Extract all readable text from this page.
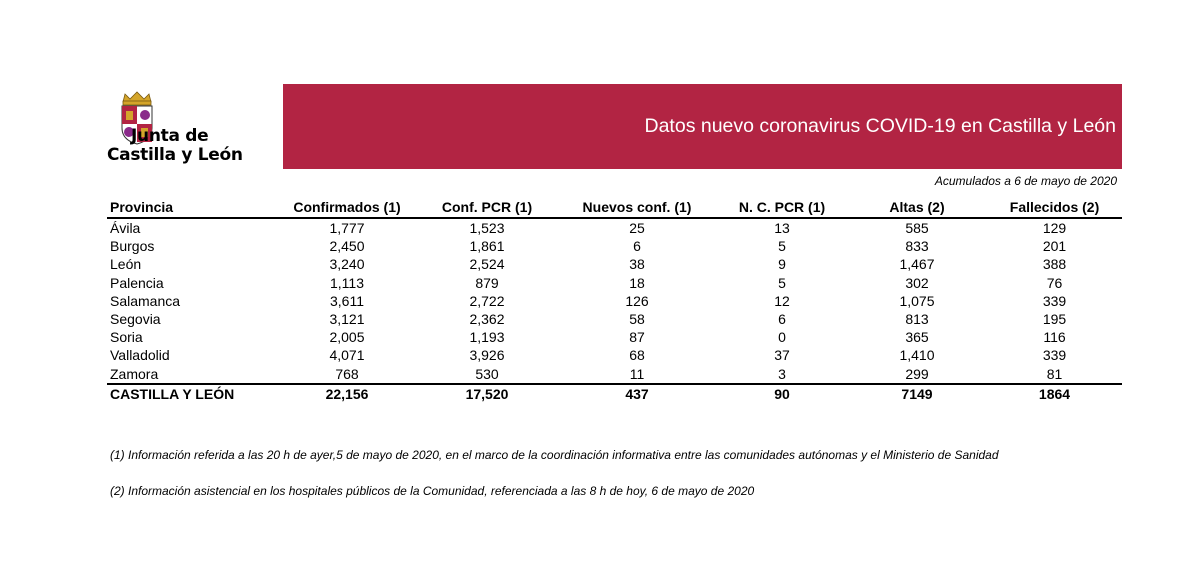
Junta de
Castilla y León
Datos nuevo coronavirus COVID-19 en Castilla y León
Acumulados a 6 de mayo de 2020
Provincia	Confirmados (1)	Conf. PCR (1)	Nuevos conf. (1)	N. C. PCR (1)	Altas (2)	Fallecidos (2)
Ávila	1,777	1,523	25	13	585	129
Burgos	2,450	1,861	6	5	833	201
León	3,240	2,524	38	9	1,467	388
Palencia	1,113	879	18	5	302	76
Salamanca	3,611	2,722	126	12	1,075	339
Segovia	3,121	2,362	58	6	813	195
Soria	2,005	1,193	87	0	365	116
Valladolid	4,071	3,926	68	37	1,410	339
Zamora	768	530	11	3	299	81
CASTILLA Y LEÓN	22,156	17,520	437	90	7149	1864
(1) Información referida a las 20 h de ayer,5 de mayo de 2020, en el marco de la coordinación informativa entre las comunidades autónomas y el Ministerio de Sanidad
(2) Información asistencial en los hospitales públicos de la Comunidad, referenciada a las 8 h de hoy, 6 de mayo de 2020
